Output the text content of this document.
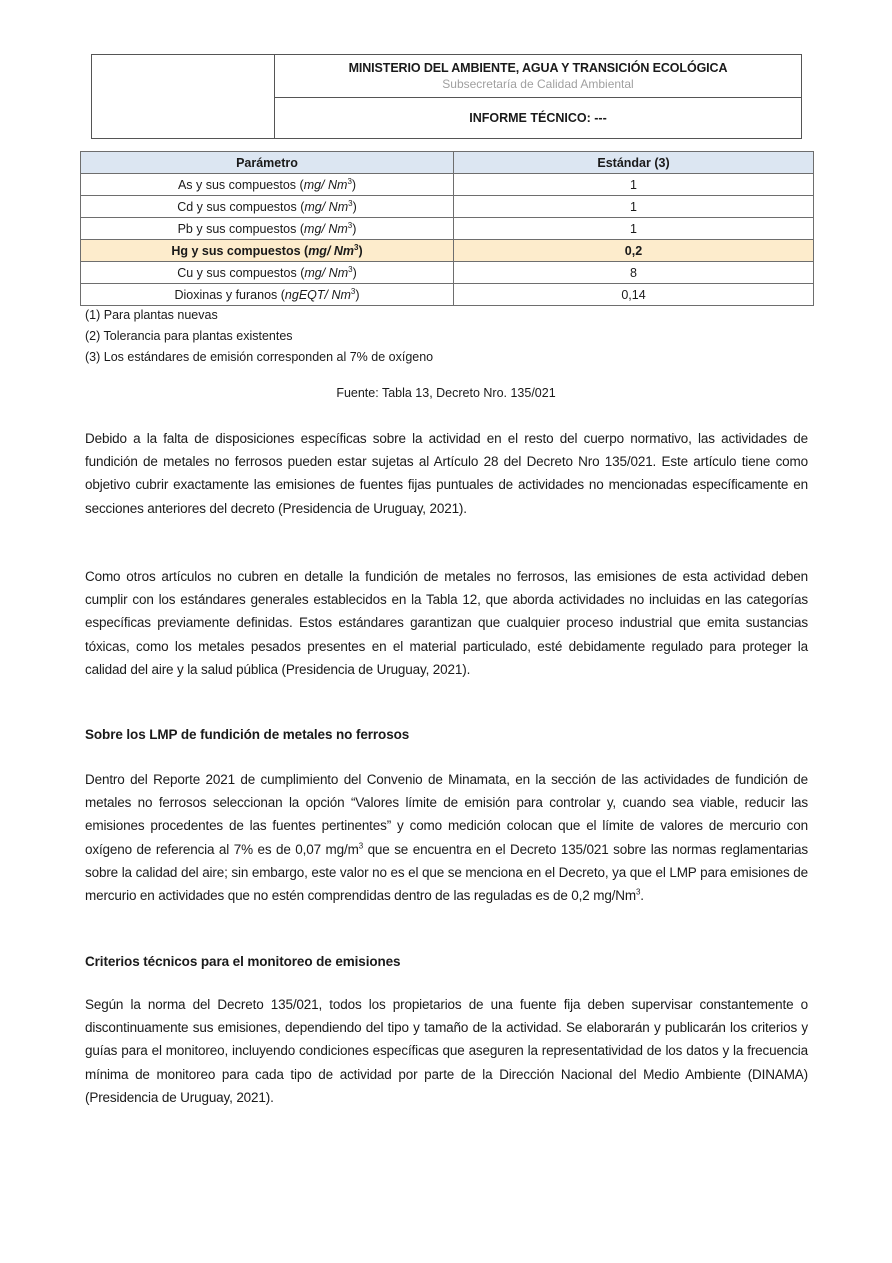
MINISTERIO DEL AMBIENTE, AGUA Y TRANSICIÓN ECOLÓGICA
Subsecretaría de Calidad Ambiental
INFORME TÉCNICO: ---
Parámetro	Estándar (3)
As y sus compuestos (mg/ Nm$^3$)	1
Cd y sus compuestos (mg/ Nm$^3$)	1
Pb y sus compuestos (mg/ Nm$^3$)	1
Hg y sus compuestos (mg/ Nm$^3$)	0,2
Cu y sus compuestos (mg/ Nm$^3$)	8
Dioxinas y furanos (ngEQT/ Nm$^3$)	0,14
(1) Para plantas nuevas
(2) Tolerancia para plantas existentes
(3) Los estándares de emisión corresponden al 7% de oxígeno
Fuente: Tabla 13, Decreto Nro. 135/021
Debido a la falta de disposiciones específicas sobre la actividad en el resto del cuerpo normativo, las actividades de fundición de metales no ferrosos pueden estar sujetas al Artículo 28 del Decreto Nro 135/021. Este artículo tiene como objetivo cubrir exactamente las emisiones de fuentes fijas puntuales de actividades no mencionadas específicamente en secciones anteriores del decreto (Presidencia de Uruguay, 2021).
Como otros artículos no cubren en detalle la fundición de metales no ferrosos, las emisiones de esta actividad deben cumplir con los estándares generales establecidos en la Tabla 12, que aborda actividades no incluidas en las categorías específicas previamente definidas. Estos estándares garantizan que cualquier proceso industrial que emita sustancias tóxicas, como los metales pesados presentes en el material particulado, esté debidamente regulado para proteger la calidad del aire y la salud pública (Presidencia de Uruguay, 2021).
Sobre los LMP de fundición de metales no ferrosos
Dentro del Reporte 2021 de cumplimiento del Convenio de Minamata, en la sección de las actividades de fundición de metales no ferrosos seleccionan la opción “Valores límite de emisión para controlar y, cuando sea viable, reducir las emisiones procedentes de las fuentes pertinentes” y como medición colocan que el límite de valores de mercurio con oxígeno de referencia al 7% es de 0,07 $mg/m^3$ que se encuentra en el Decreto 135/021 sobre las normas reglamentarias sobre la calidad del aire; sin embargo, este valor no es el que se menciona en el Decreto, ya que el LMP para emisiones de mercurio en actividades que no estén comprendidas dentro de las reguladas es de 0,2 mg/Nm$^3$.
Criterios técnicos para el monitoreo de emisiones
Según la norma del Decreto 135/021, todos los propietarios de una fuente fija deben supervisar constantemente o discontinuamente sus emisiones, dependiendo del tipo y tamaño de la actividad. Se elaborarán y publicarán los criterios y guías para el monitoreo, incluyendo condiciones específicas que aseguren la representatividad de los datos y la frecuencia mínima de monitoreo para cada tipo de actividad por parte de la Dirección Nacional del Medio Ambiente (DINAMA) (Presidencia de Uruguay, 2021).
